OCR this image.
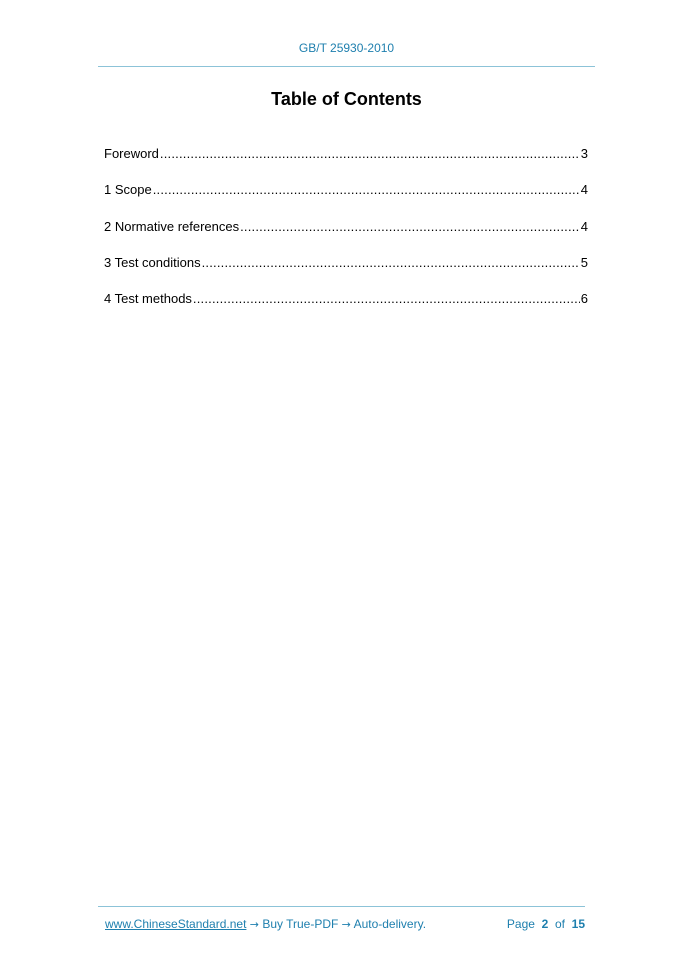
GB/T 25930-2010
Table of Contents
Foreword .....	3
1 Scope .....	4
2 Normative references .....	4
3 Test conditions .....	5
4 Test methods .....	6
www.ChineseStandard.net → Buy True-PDF → Auto-delivery.	Page 2 of 15
